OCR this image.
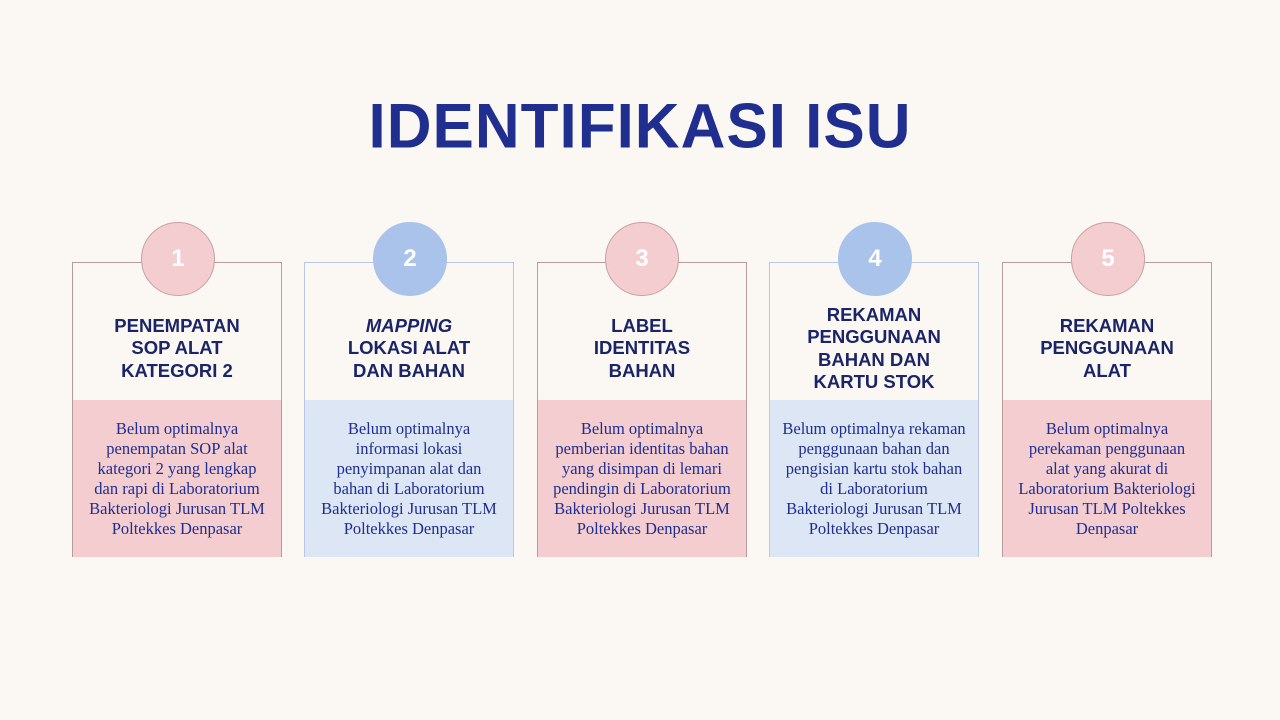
IDENTIFIKASI ISU
1
PENEMPATAN SOP ALAT KATEGORI 2
Belum optimalnya penempatan SOP alat kategori 2 yang lengkap dan rapi di Laboratorium Bakteriologi Jurusan TLM Poltekkes Denpasar
2
MAPPING
LOKASI ALAT DAN BAHAN
Belum optimalnya informasi lokasi penyimpanan alat dan bahan di Laboratorium Bakteriologi Jurusan TLM Poltekkes Denpasar
3
LABEL IDENTITAS BAHAN
Belum optimalnya pemberian identitas bahan yang disimpan di lemari pendingin di Laboratorium Bakteriologi Jurusan TLM Poltekkes Denpasar
4
REKAMAN PENGGUNAAN BAHAN DAN KARTU STOK
Belum optimalnya rekaman penggunaan bahan dan pengisian kartu stok bahan di Laboratorium Bakteriologi Jurusan TLM Poltekkes Denpasar
5
REKAMAN PENGGUNAAN ALAT
Belum optimalnya perekaman penggunaan alat yang akurat di Laboratorium Bakteriologi Jurusan TLM Poltekkes Denpasar
